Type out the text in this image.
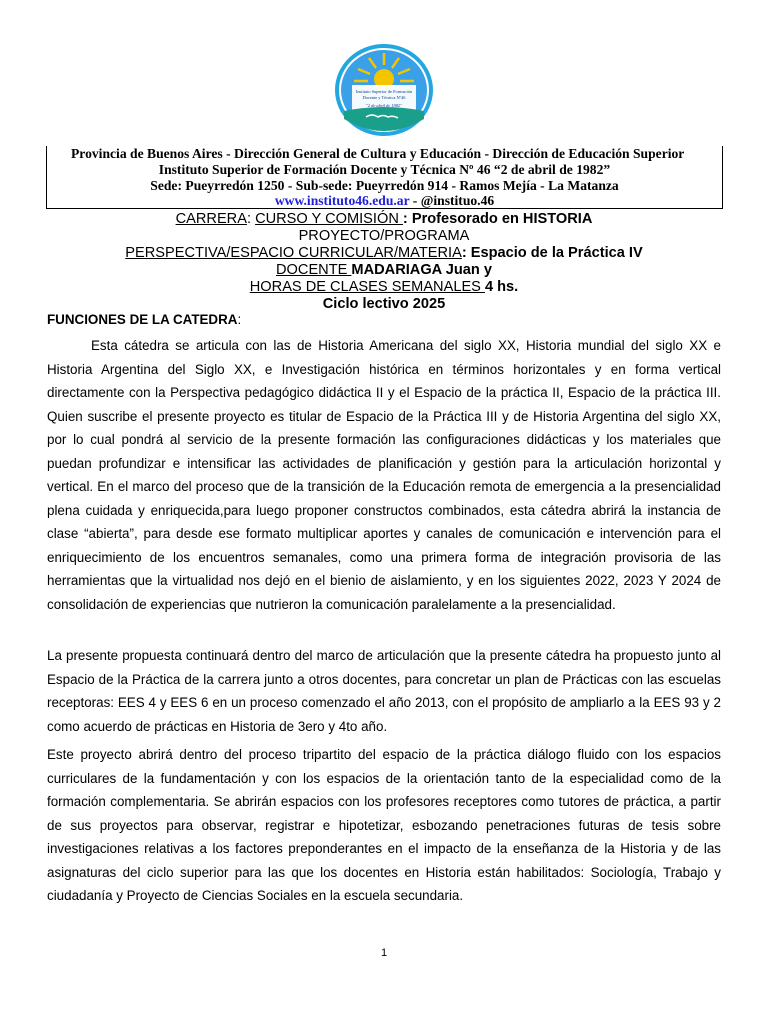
Instituto Superior de Formación
Docente y Técnica Nº46
"2 de abril de 1982"
Provincia de Buenos Aires - Dirección General de Cultura y Educación - Dirección de Educación Superior
Instituto Superior de Formación Docente y Técnica Nº 46 “2 de abril de 1982”
Sede: Pueyrredón 1250 - Sub-sede: Pueyrredón 914 - Ramos Mejía - La Matanza
www.instituto46.edu.ar - @instituo.46
CARRERA: CURSO Y COMISIÓN : Profesorado en HISTORIA
PROYECTO/PROGRAMA
PERSPECTIVA/ESPACIO CURRICULAR/MATERIA: Espacio de la Práctica IV
DOCENTE MADARIAGA Juan y
HORAS DE CLASES SEMANALES 4 hs.
Ciclo lectivo 2025
FUNCIONES DE LA CATEDRA:

Esta cátedra se articula con las de Historia Americana del siglo XX, Historia mundial del siglo XX e Historia Argentina del Siglo XX, e Investigación histórica en términos horizontales y en forma vertical directamente con la Perspectiva pedagógico didáctica II y el Espacio de la práctica II, Espacio de la práctica III. Quien suscribe el presente proyecto es titular de Espacio de la Práctica III y de Historia Argentina del siglo XX, por lo cual pondrá al servicio de la presente formación las configuraciones didácticas y los materiales que puedan profundizar e intensificar las actividades de planificación y gestión para la articulación horizontal y vertical. En el marco del proceso que de la transición de la Educación remota de emergencia a la presencialidad plena cuidada y enriquecida,para luego proponer constructos combinados, esta cátedra abrirá la instancia de clase “abierta”, para desde ese formato multiplicar aportes y canales de comunicación e intervención para el enriquecimiento de los encuentros semanales, como una primera forma de integración provisoria de las herramientas que la virtualidad nos dejó en el bienio de aislamiento, y en los siguientes 2022, 2023 Y 2024 de consolidación de experiencias que nutrieron la comunicación paralelamente a la presencialidad.

La presente propuesta continuará dentro del marco de articulación que la presente cátedra ha propuesto junto al Espacio de la Práctica de la carrera junto a otros docentes, para concretar un plan de Prácticas con las escuelas receptoras: EES 4 y EES 6 en un proceso comenzado el año 2013, con el propósito de ampliarlo a la EES 93 y 2 como acuerdo de prácticas en Historia de 3ero y 4to año.

Este proyecto abrirá dentro del proceso tripartito del espacio de la práctica diálogo fluido con los espacios curriculares de la fundamentación y con los espacios de la orientación tanto de la especialidad como de la formación complementaria. Se abrirán espacios con los profesores receptores como tutores de práctica, a partir de sus proyectos para observar, registrar e hipotetizar, esbozando penetraciones futuras de tesis sobre investigaciones relativas a los factores preponderantes en el impacto de la enseñanza de la Historia y de las asignaturas del ciclo superior para las que los docentes en Historia están habilitados: Sociología, Trabajo y ciudadanía y Proyecto de Ciencias Sociales en la escuela secundaria.

1
